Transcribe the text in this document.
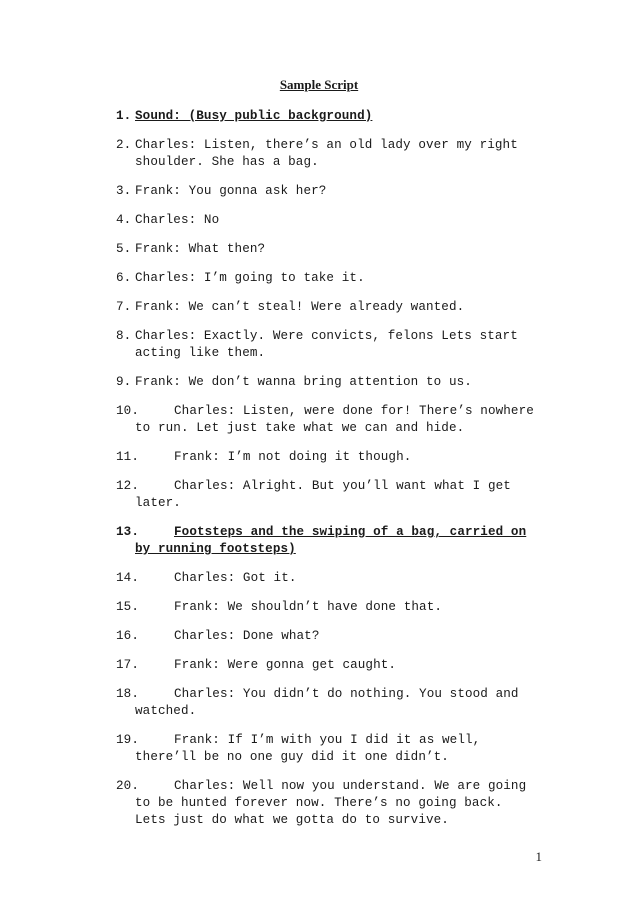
Sample Script
1. Sound: (Busy public background)
2. Charles: Listen, there’s an old lady over my right
shoulder. She has a bag.
3. Frank: You gonna ask her?
4. Charles: No
5. Frank: What then?
6. Charles: I’m going to take it.
7. Frank: We can’t steal! Were already wanted.
8. Charles: Exactly. Were convicts, felons Lets start
acting like them.
9. Frank: We don’t wanna bring attention to us.
10.	Charles: Listen, were done for! There’s nowhere
to run. Let just take what we can and hide.
11.	Frank: I’m not doing it though.
12.	Charles: Alright. But you’ll want what I get
later.
13.	Footsteps and the swiping of a bag, carried on
by running footsteps)
14.	Charles: Got it.
15.	Frank: We shouldn’t have done that.
16.	Charles: Done what?
17.	Frank: Were gonna get caught.
18.	Charles: You didn’t do nothing. You stood and
watched.
19.	Frank: If I’m with you I did it as well,
there’ll be no one guy did it one didn’t.
20.	Charles: Well now you understand. We are going
to be hunted forever now. There’s no going back.
Lets just do what we gotta do to survive.
1
